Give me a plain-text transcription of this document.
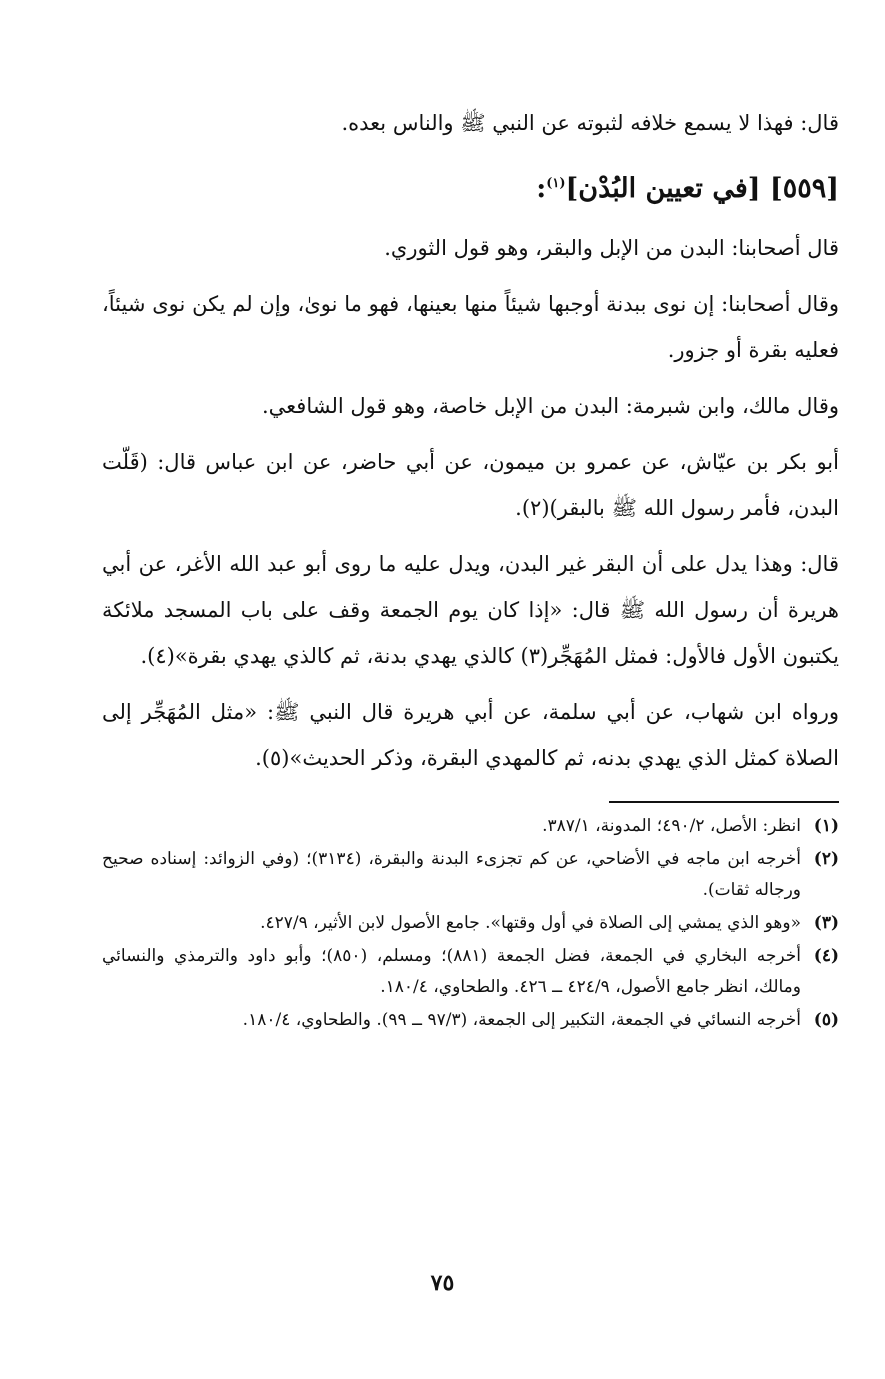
قال: فهذا لا يسمع خلافه لثبوته عن النبي ﷺ والناس بعده.

[٥٥٩] [في تعيين البُدْن]$^{(١)}$:

قال أصحابنا: البدن من الإبل والبقر، وهو قول الثوري.

وقال أصحابنا: إن نوى ببدنة أوجبها شيئاً منها بعينها، فهو ما نوىٰ، وإن لم يكن نوى شيئاً، فعليه بقرة أو جزور.

وقال مالك، وابن شبرمة: البدن من الإبل خاصة، وهو قول الشافعي.

أبو بكر بن عيّاش، عن عمرو بن ميمون، عن أبي حاضر، عن ابن عباس قال: (قَلّت البدن، فأمر رسول الله ﷺ بالبقر)(٢).

قال: وهذا يدل على أن البقر غير البدن، ويدل عليه ما روى أبو عبد الله الأغر، عن أبي هريرة أن رسول الله ﷺ قال: «إذا كان يوم الجمعة وقف على باب المسجد ملائكة يكتبون الأول فالأول: فمثل المُهَجِّر(٣) كالذي يهدي بدنة، ثم كالذي يهدي بقرة»(٤).

ورواه ابن شهاب، عن أبي سلمة، عن أبي هريرة قال النبي ﷺ: «مثل المُهَجِّر إلى الصلاة كمثل الذي يهدي بدنه، ثم كالمهدي البقرة، وذكر الحديث»(٥).

(١)
انظر: الأصل، ٤٩٠/٢؛ المدونة، ٣٨٧/١.
(٢)
أخرجه ابن ماجه في الأضاحي، عن كم تجزىء البدنة والبقرة، (٣١٣٤)؛ (وفي الزوائد: إسناده صحيح ورجاله ثقات).
(٣)
«وهو الذي يمشي إلى الصلاة في أول وقتها». جامع الأصول لابن الأثير، ٤٢٧/٩.
(٤)
أخرجه البخاري في الجمعة، فضل الجمعة (٨٨١)؛ ومسلم، (٨٥٠)؛ وأبو داود والترمذي والنسائي ومالك، انظر جامع الأصول، ٤٢٤/٩ ــ ٤٢٦. والطحاوي، ١٨٠/٤.
(٥)
أخرجه النسائي في الجمعة، التكبير إلى الجمعة، (٩٧/٣ ــ ٩٩). والطحاوي، ١٨٠/٤.
٧٥
